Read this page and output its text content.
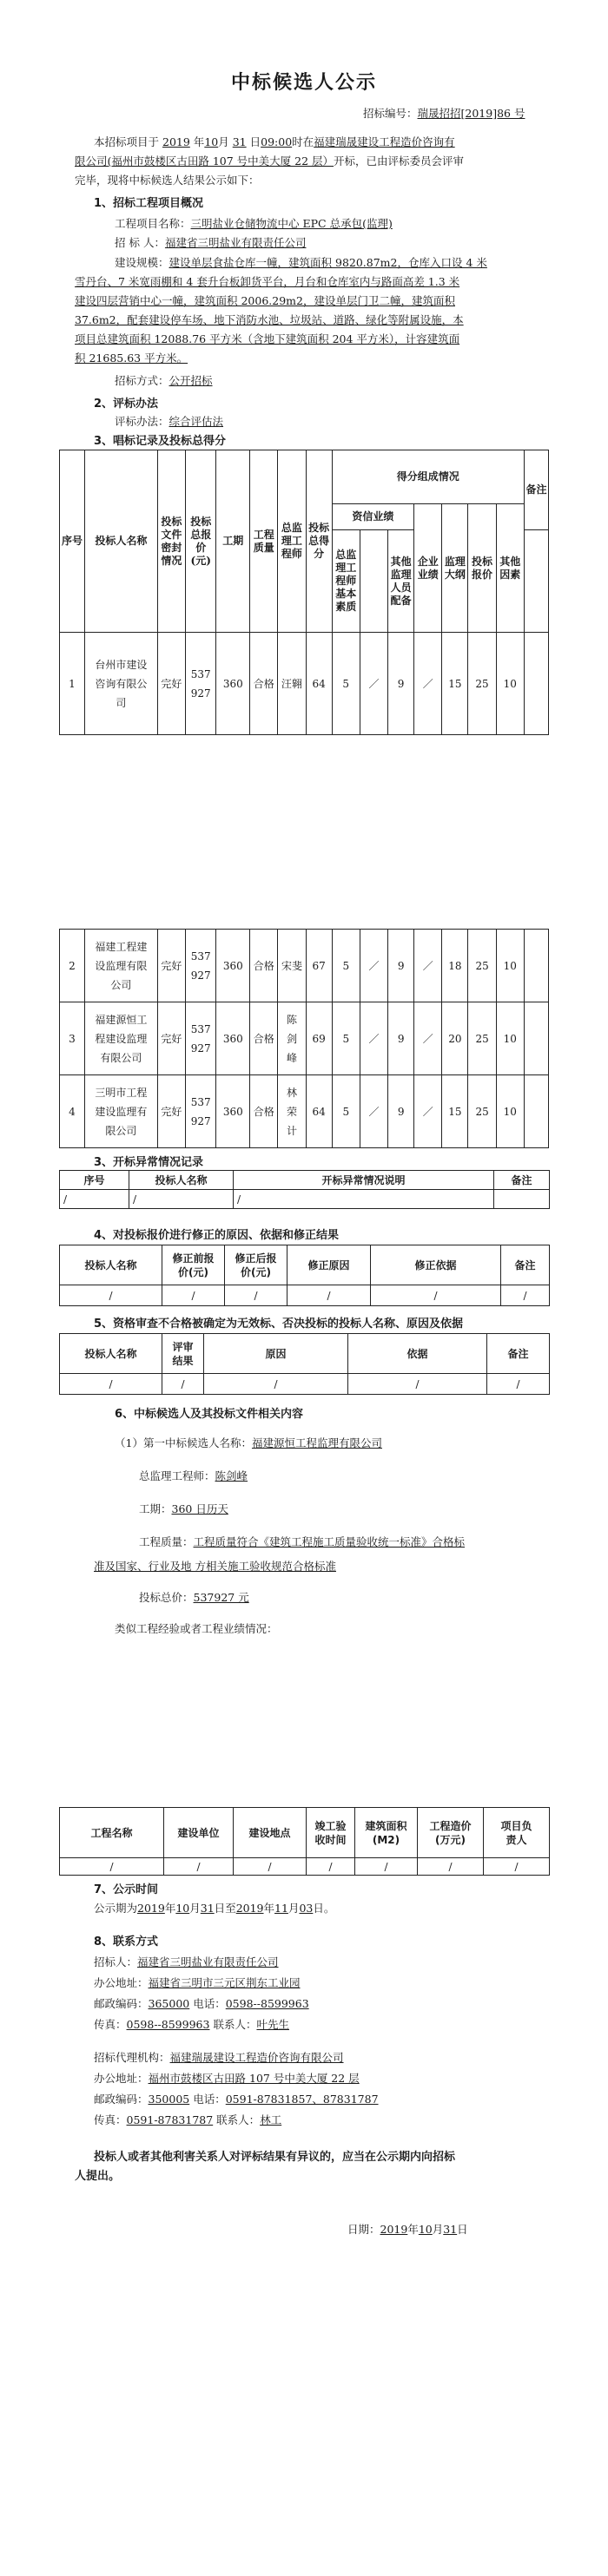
中标候选人公示
招标编号：瑞晟招招[2019]86 号
本招标项目于 2019 年10月 31 日09:00时在福建瑞晟建设工程造价咨询有
限公司(福州市鼓楼区古田路 107 号中美大厦 22 层）开标，已由评标委员会评审
完毕，现将中标候选人结果公示如下：
1、招标工程项目概况
工程项目名称：三明盐业仓储物流中心 EPC 总承包(监理)
招 标 人：福建省三明盐业有限责任公司
建设规模：建设单层食盐仓库一幢，建筑面积 9820.87m2，仓库入口设 4 米
雪丹台、7 米宽雨棚和 4 套升台板卸货平台，月台和仓库室内与路面高差 1.3 米
建设四层营销中心一幢，建筑面积 2006.29m2，建设单层门卫二幢，建筑面积
37.6m2，配套建设停车场、地下消防水池、垃圾站、道路、绿化等附属设施，本
项目总建筑面积 12088.76 平方米（含地下建筑面积 204 平方米），计容建筑面
积 21685.63 平方米。
招标方式：公开招标
2、评标办法
评标办法：综合评估法
3、唱标记录及投标总得分
序号	投标人名称	投标文件密封情况	投标总报价(元)	工期	工程质量	总监理工程师	投标总得分	得分组成情况							备注
								资信业绩			企业业绩	监理大纲	投标报价	其他因素	
								总监理工程师基本素质		其他监理人员配备					
1	台州市建设咨询有限公司	完好	537927	360	合格	汪翱	64	5	／	9	／	15	25	10	
2	福建工程建设监理有限公司	完好	537927	360	合格	宋斐	67	5	／	9	／	18	25	10	
3	福建源恒工程建设监理有限公司	完好	537927	360	合格	陈剑峰	69	5	／	9	／	20	25	10	
4	三明市工程建设监理有限公司	完好	537927	360	合格	林荣计	64	5	／	9	／	15	25	10	
3、开标异常情况记录
序号	投标人名称	开标异常情况说明	备注
/	/	/	
4、对投标报价进行修正的原因、依据和修正结果
投标人名称	修正前报价(元)	修正后报价(元)	修正原因	修正依据	备注
/	/	/	/	/	/
5、资格审查不合格被确定为无效标、否决投标的投标人名称、原因及依据
投标人名称	评审结果	原因	依据	备注
/	/	/	/	/
6、中标候选人及其投标文件相关内容
（1）第一中标候选人名称：福建源恒工程监理有限公司
总监理工程师：陈剑峰
工期：360 日历天
工程质量：工程质量符合《建筑工程施工质量验收统一标准》合格标
准及国家、行业及地 方相关施工验收规范合格标准
投标总价：537927 元
类似工程经验或者工程业绩情况：
工程名称	建设单位	建设地点	竣工验收时间	建筑面积(M2)	工程造价(万元)	项目负责人
/	/	/	/	/	/	/
7、公示时间
公示期为2019年10月31日至2019年11月03日。
8、联系方式
招标人：福建省三明盐业有限责任公司
办公地址：福建省三明市三元区荆东工业园
邮政编码：365000 电话：0598--8599963
传真：0598--8599963 联系人：叶先生
招标代理机构：福建瑞晟建设工程造价咨询有限公司
办公地址：福州市鼓楼区古田路 107 号中美大厦 22 层
邮政编码：350005 电话：0591-87831857、87831787
传真：0591-87831787 联系人：林工
投标人或者其他利害关系人对评标结果有异议的，应当在公示期内向招标
人提出。
日期：2019年10月31日
